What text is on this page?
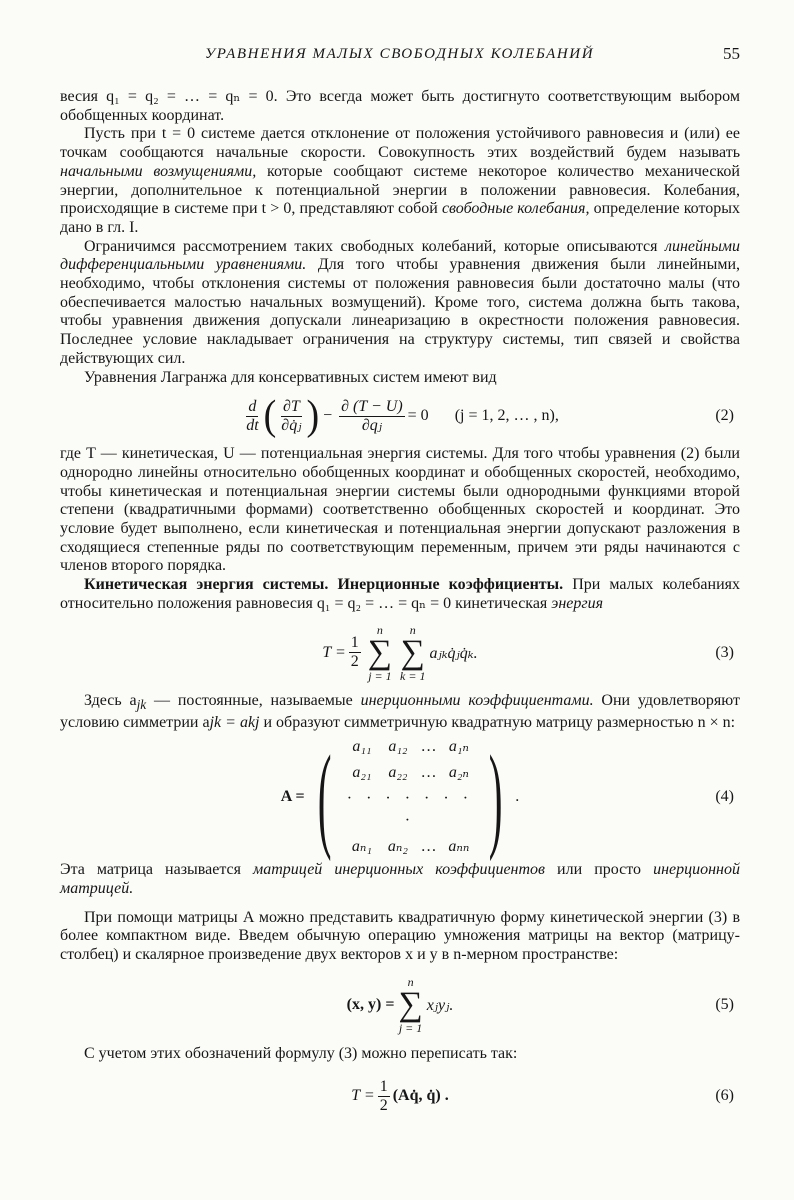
УРАВНЕНИЯ МАЛЫХ СВОБОДНЫХ КОЛЕБАНИЙ	55

весия q₁ = q₂ = … = qₙ = 0. Это всегда может быть достигнуто соответствующим выбором обобщенных координат.

Пусть при t = 0 системе дается отклонение от положения устойчивого равновесия и (или) ее точкам сообщаются начальные скорости. Совокупность этих воздействий будем называть начальными возмущениями, которые сообщают системе некоторое количество механической энергии, дополнительное к потенциальной энергии в положении равновесия. Колебания, происходящие в системе при t > 0, представляют собой свободные колебания, определение которых дано в гл. I.

Ограничимся рассмотрением таких свободных колебаний, которые описываются линейными дифференциальными уравнениями. Для того чтобы уравнения движения были линейными, необходимо, чтобы отклонения системы от положения равновесия были достаточно малы (что обеспечивается малостью начальных возмущений). Кроме того, система должна быть такова, чтобы уравнения движения допускали линеаризацию в окрестности положения равновесия. Последнее условие накладывает ограничения на структуру системы, тип связей и свойства действующих сил.

Уравнения Лагранжа для консервативных систем имеют вид

$\frac{d}{dt}$ ( $\frac{\partial T}{\text{∂q̇ⱼ}}$ ) − $\frac{\partial (T - U)}{\text{∂qⱼ}} = 0$ (j = 1, 2, … , n),	(2)

где T — кинетическая, U — потенциальная энергия системы. Для того чтобы уравнения (2) были однородно линейны относительно обобщенных координат и обобщенных скоростей, необходимо, чтобы кинетическая и потенциальная энергии системы были однородными функциями второй степени (квадратичными формами) соответственно обобщенных скоростей и координат. Это условие будет выполнено, если кинетическая и потенциальная энергии допускают разложения в сходящиеся степенные ряды по соответствующим переменным, причем эти ряды начинаются с членов второго порядка.

Кинетическая энергия системы. Инерционные коэффициенты. При малых колебаниях относительно положения равновесия q₁ = q₂ = … = qₙ = 0 кинетическая энергия

$T = \frac{1}{2}$
n
∑
j = 1
n
∑
k = 1
aⱼₖq̇ⱼq̇ₖ.	(3)

Здесь $a_{jk}$ — постоянные, называемые инерционными коэффициентами. Они удовлетворяют условию симметрии ajk = akj и образуют симметричную квадратную матрицу размерностью n × n:

A = (	a₁₁	a₁₂ … a₁ₙ
a₂₁	a₂₂ … a₂ₙ
· · · · · · · ·
aₙ₁ aₙ₂ … aₙₙ ) .	(4)

Эта матрица называется матрицей инерционных коэффициентов или просто инерционной матрицей.

При помощи матрицы A можно представить квадратичную форму кинетической энергии (3) в более компактном виде. Введем обычную операцию умножения матрицы на вектор (матрицу-столбец) и скалярное произведение двух векторов x и y в n-мерном пространстве:

(x, y) =
n
∑
j = 1
xⱼyⱼ.	(5)

С учетом этих обозначений формулу (3) можно переписать так:

$T = \frac{1}{2}$ (Aq̇, q̇) .	(6)
